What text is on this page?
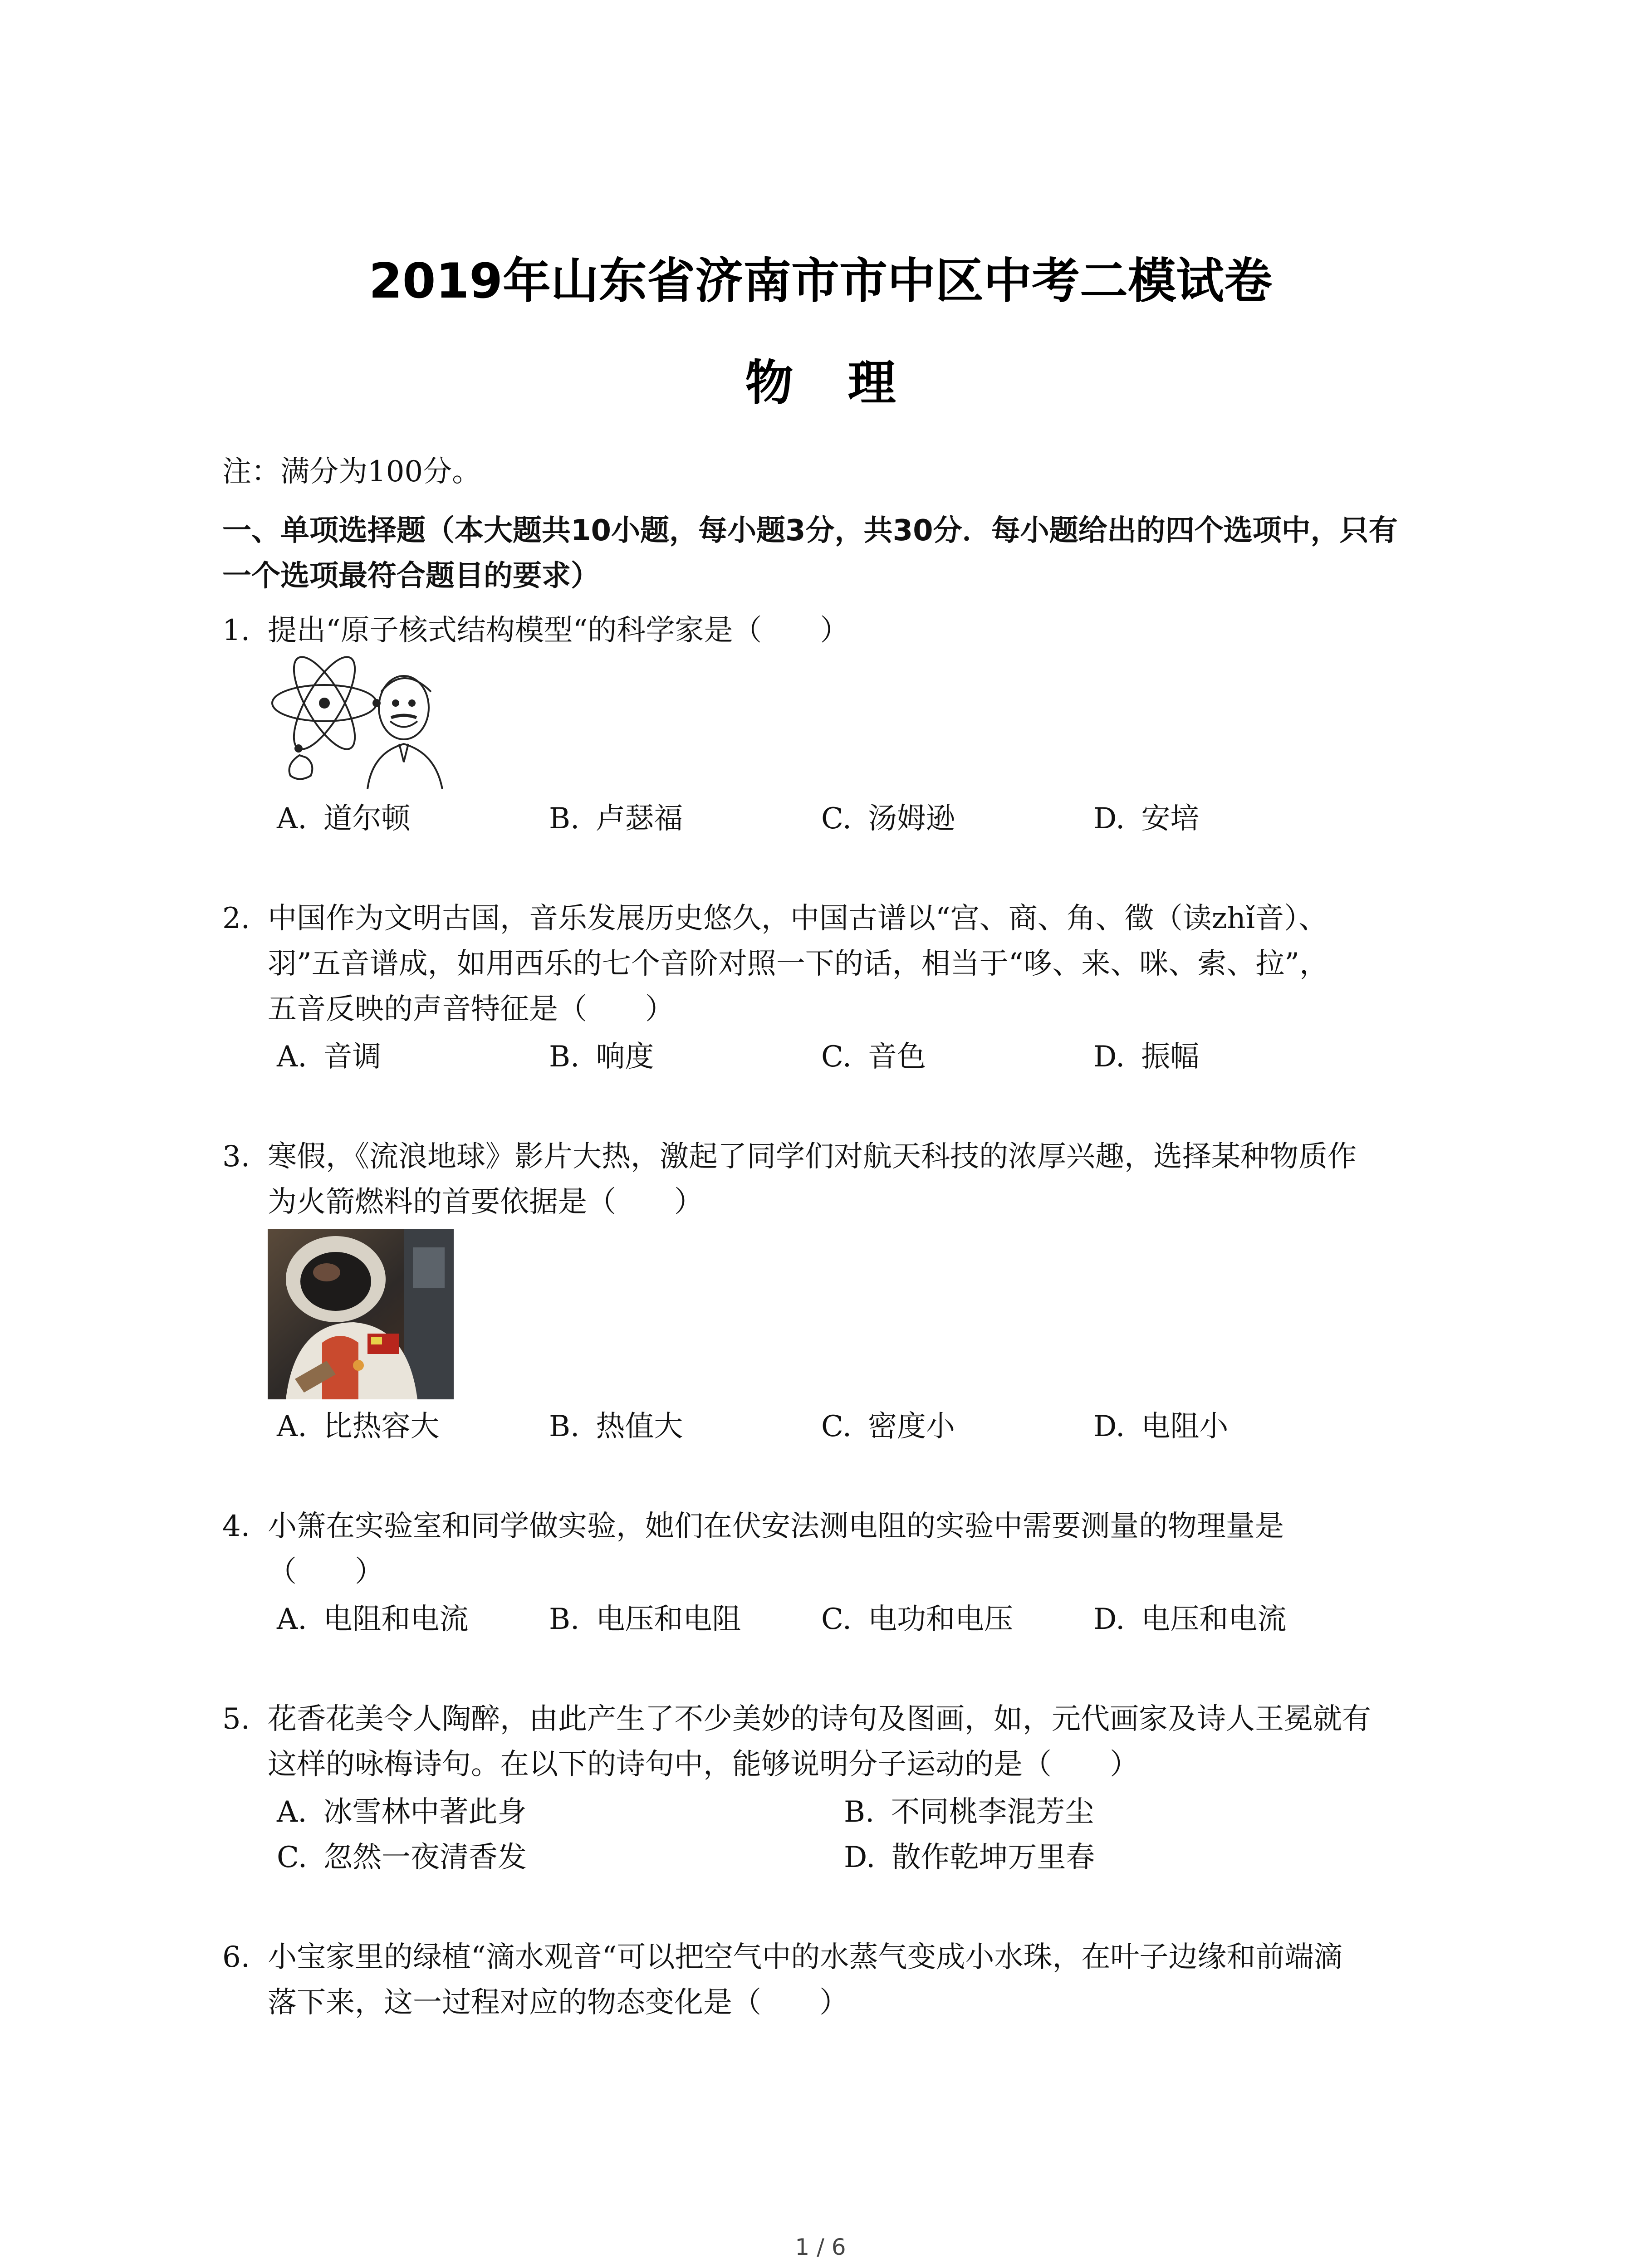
2019年山东省济南市市中区中考二模试卷
物理
注：满分为100分。
一、单项选择题（本大题共10小题，每小题3分，共30分．每小题给出的四个选项中，只有
一个选项最符合题目的要求）
1. 提出“原子核式结构模型“的科学家是（　　）
A. 道尔顿	B. 卢瑟福	C. 汤姆逊	D. 安培
2. 中国作为文明古国，音乐发展历史悠久，中国古谱以“宫、商、角、徵（读zhǐ音）、
羽”五音谱成，如用西乐的七个音阶对照一下的话，相当于“哆、来、咪、索、拉”，
五音反映的声音特征是（　　）
A. 音调	B. 响度	C. 音色	D. 振幅
3. 寒假，《流浪地球》影片大热，激起了同学们对航天科技的浓厚兴趣，选择某种物质作
为火箭燃料的首要依据是（　　）
A. 比热容大	B. 热值大	C. 密度小	D. 电阻小
4. 小箫在实验室和同学做实验，她们在伏安法测电阻的实验中需要测量的物理量是
（　　）
A. 电阻和电流	B. 电压和电阻	C. 电功和电压	D. 电压和电流
5. 花香花美令人陶醉，由此产生了不少美妙的诗句及图画，如，元代画家及诗人王冕就有
这样的咏梅诗句。在以下的诗句中，能够说明分子运动的是（　　）
A. 冰雪林中著此身	B. 不同桃李混芳尘
C. 忽然一夜清香发	D. 散作乾坤万里春
6. 小宝家里的绿植“滴水观音“可以把空气中的水蒸气变成小水珠，在叶子边缘和前端滴
落下来，这一过程对应的物态变化是（　　）
1 / 6
